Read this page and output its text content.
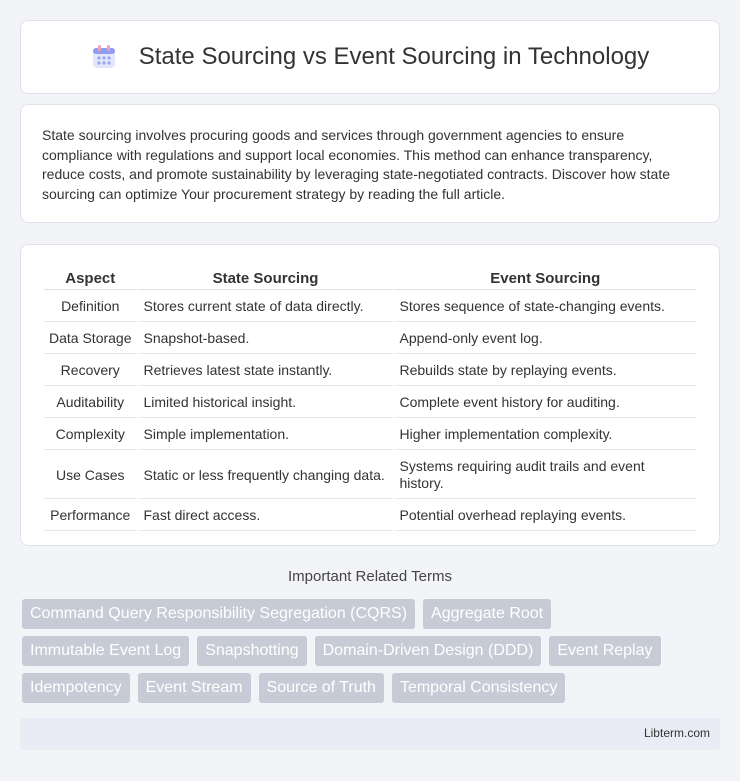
State Sourcing vs Event Sourcing in Technology

State sourcing involves procuring goods and services through government agencies to ensure compliance with regulations and support local economies. This method can enhance transparency, reduce costs, and promote sustainability by leveraging state-negotiated contracts. Discover how state sourcing can optimize Your procurement strategy by reading the full article.

Aspect	State Sourcing	Event Sourcing
Definition	Stores current state of data directly.	Stores sequence of state-changing events.
Data Storage	Snapshot-based.	Append-only event log.
Recovery	Retrieves latest state instantly.	Rebuilds state by replaying events.
Auditability	Limited historical insight.	Complete event history for auditing.
Complexity	Simple implementation.	Higher implementation complexity.
Use Cases	Static or less frequently changing data.	Systems requiring audit trails and event history.
Performance	Fast direct access.	Potential overhead replaying events.
Important Related Terms
Command Query Responsibility Segregation (CQRS)	Aggregate Root
Immutable Event Log	Snapshotting	Domain-Driven Design (DDD)	Event Replay
Idempotency	Event Stream	Source of Truth	Temporal Consistency
Libterm.com
